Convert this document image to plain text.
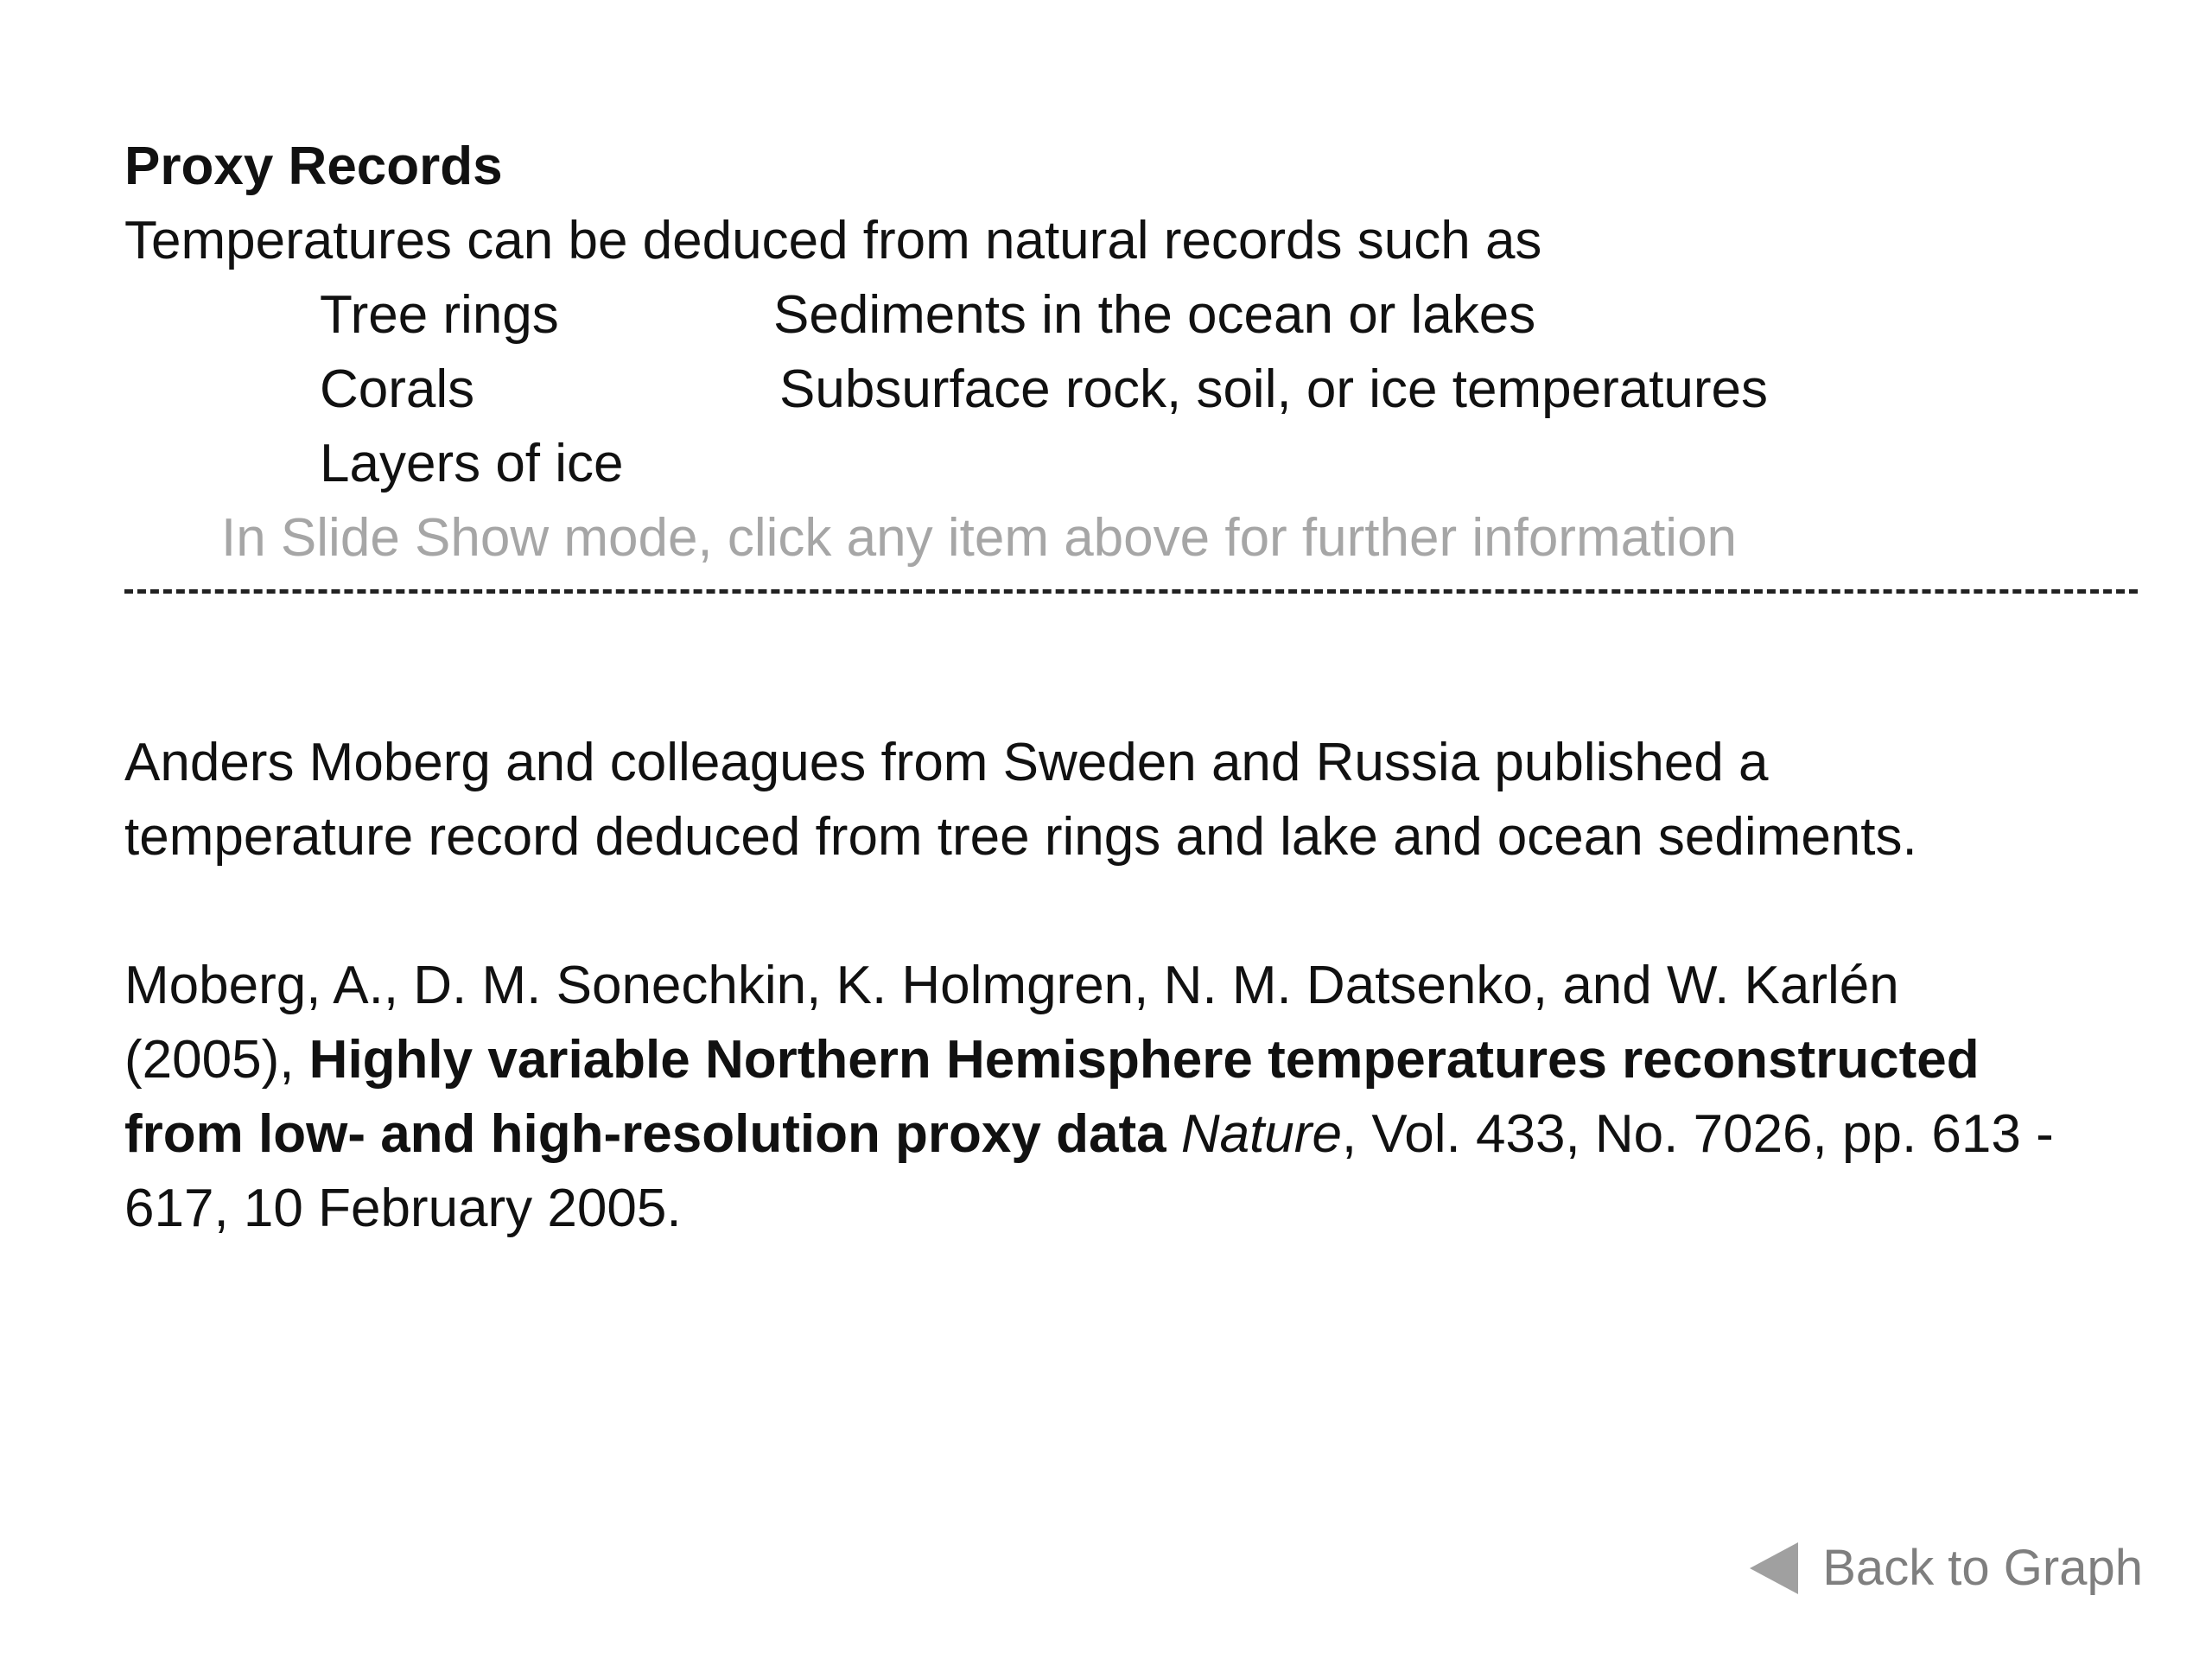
Proxy Records
Temperatures can be deduced from natural records such as
Tree rings	Sediments in the ocean or lakes
Corals	Subsurface rock, soil, or ice temperatures
Layers of ice
In Slide Show mode, click any item above for further information
Anders Moberg and colleagues from Sweden and Russia published a
temperature record deduced from tree rings and lake and ocean sediments.
Moberg, A., D. M. Sonechkin, K. Holmgren, N. M. Datsenko, and W. Karlén
(2005), Highly variable Northern Hemisphere temperatures reconstructed
from low- and high-resolution proxy data Nature, Vol. 433, No. 7026, pp. 613 -
617, 10 February 2005.
Back to Graph
